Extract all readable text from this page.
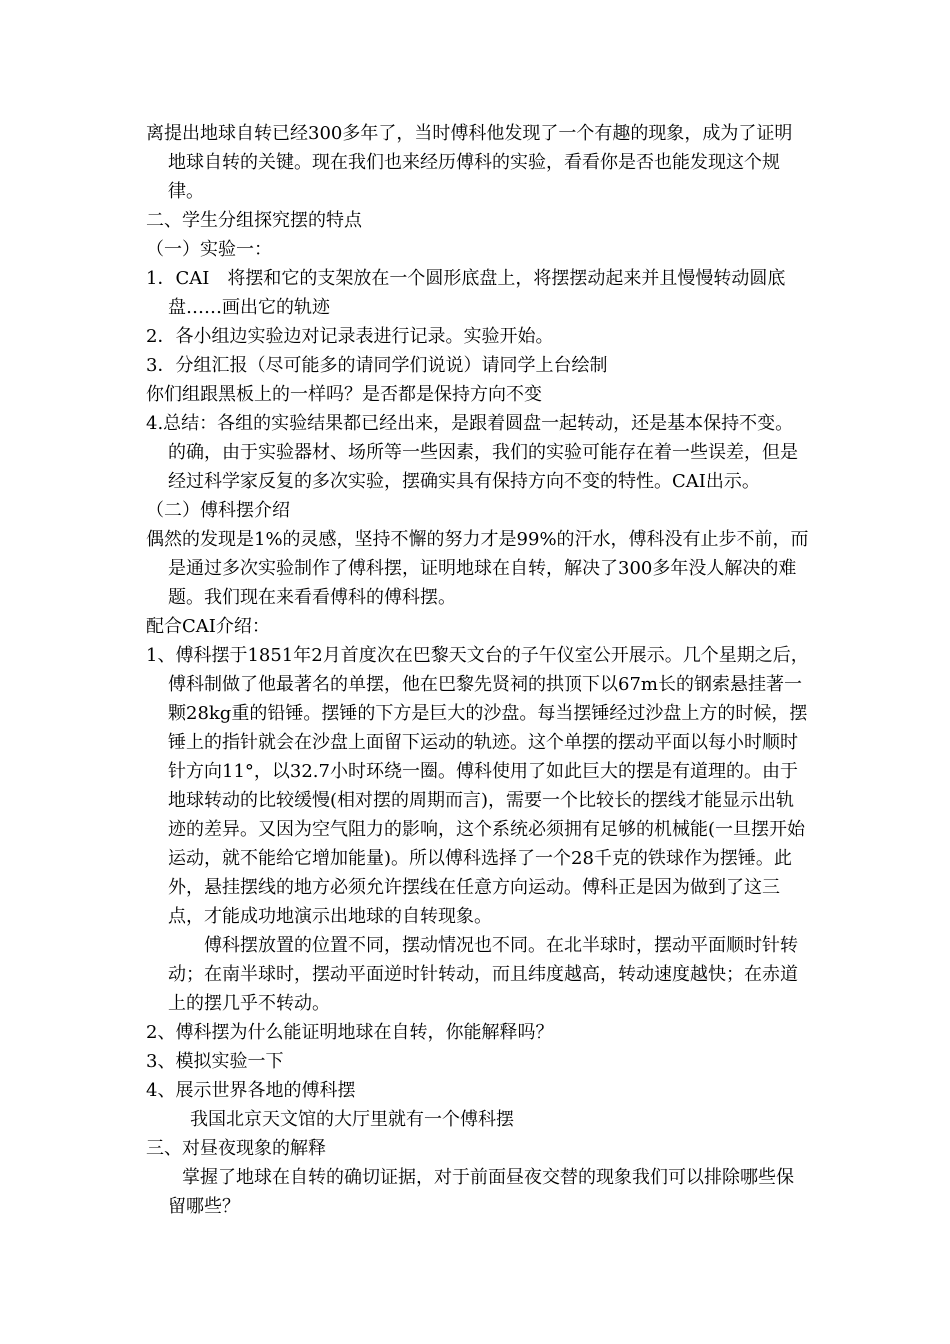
离提出地球自转已经300多年了，当时傅科他发现了一个有趣的现象，成为了证明地球自转的关键。现在我们也来经历傅科的实验，看看你是否也能发现这个规律。

二、学生分组探究摆的特点

（一）实验一：

1．CAI　将摆和它的支架放在一个圆形底盘上，将摆摆动起来并且慢慢转动圆底盘……画出它的轨迹

2．各小组边实验边对记录表进行记录。实验开始。

3．分组汇报（尽可能多的请同学们说说）请同学上台绘制

你们组跟黑板上的一样吗？是否都是保持方向不变

4.总结：各组的实验结果都已经出来，是跟着圆盘一起转动，还是基本保持不变。的确，由于实验器材、场所等一些因素，我们的实验可能存在着一些误差，但是经过科学家反复的多次实验，摆确实具有保持方向不变的特性。CAI出示。

（二）傅科摆介绍

偶然的发现是1%的灵感，坚持不懈的努力才是99%的汗水，傅科没有止步不前，而是通过多次实验制作了傅科摆，证明地球在自转，解决了300多年没人解决的难题。我们现在来看看傅科的傅科摆。

配合CAI介绍：

1、傅科摆于1851年2月首度次在巴黎天文台的子午仪室公开展示。几个星期之后，傅科制做了他最著名的单摆，他在巴黎先贤祠的拱顶下以67m长的钢索悬挂著一颗28kg重的铅锤。摆锤的下方是巨大的沙盘。每当摆锤经过沙盘上方的时候，摆锤上的指针就会在沙盘上面留下运动的轨迹。这个单摆的摆动平面以每小时顺时针方向11°，以32.7小时环绕一圈。傅科使用了如此巨大的摆是有道理的。由于地球转动的比较缓慢(相对摆的周期而言)，需要一个比较长的摆线才能显示出轨迹的差异。又因为空气阻力的影响，这个系统必须拥有足够的机械能(一旦摆开始运动，就不能给它增加能量)。所以傅科选择了一个28千克的铁球作为摆锤。此外，悬挂摆线的地方必须允许摆线在任意方向运动。傅科正是因为做到了这三点，才能成功地演示出地球的自转现象。

傅科摆放置的位置不同，摆动情况也不同。在北半球时，摆动平面顺时针转动；在南半球时，摆动平面逆时针转动，而且纬度越高，转动速度越快；在赤道上的摆几乎不转动。

2、傅科摆为什么能证明地球在自转，你能解释吗？

3、模拟实验一下

4、展示世界各地的傅科摆

我国北京天文馆的大厅里就有一个傅科摆

三、对昼夜现象的解释

掌握了地球在自转的确切证据，对于前面昼夜交替的现象我们可以排除哪些保留哪些？
